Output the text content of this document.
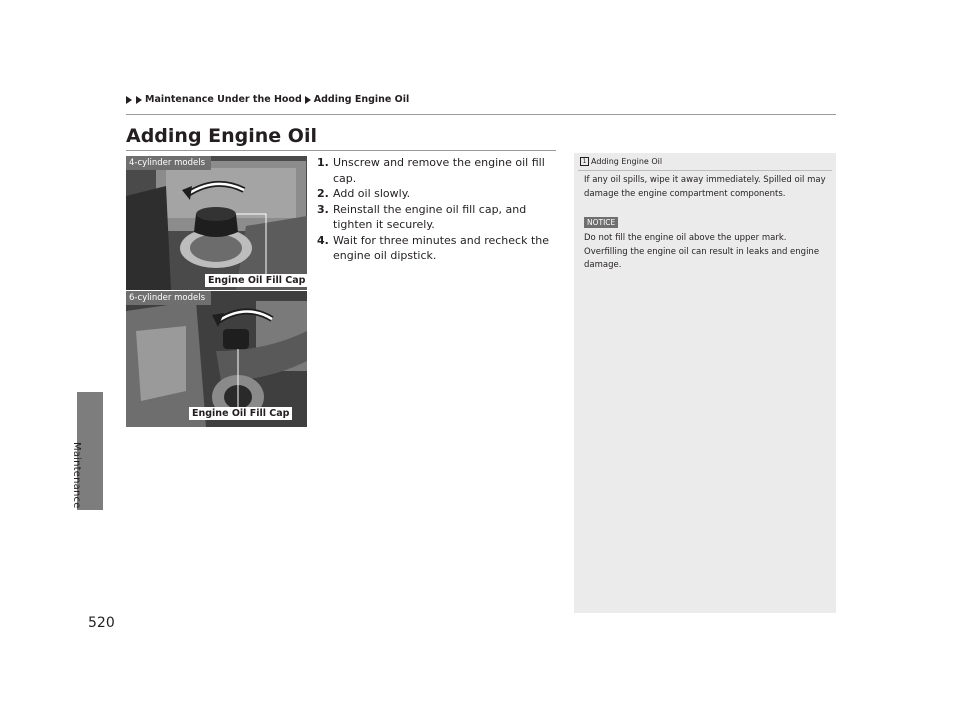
Maintenance Under the Hood Adding Engine Oil
Adding Engine Oil
4-cylinder models
Engine Oil Fill Cap
6-cylinder models
Engine Oil Fill Cap
1. Unscrew and remove the engine oil fill cap.
2. Add oil slowly.
3. Reinstall the engine oil fill cap, and tighten it securely.
4. Wait for three minutes and recheck the engine oil dipstick.
1 Adding Engine Oil
If any oil spills, wipe it away immediately. Spilled oil may damage the engine compartment components.
NOTICE
Do not fill the engine oil above the upper mark. Overfilling the engine oil can result in leaks and engine damage.
Maintenance
520
